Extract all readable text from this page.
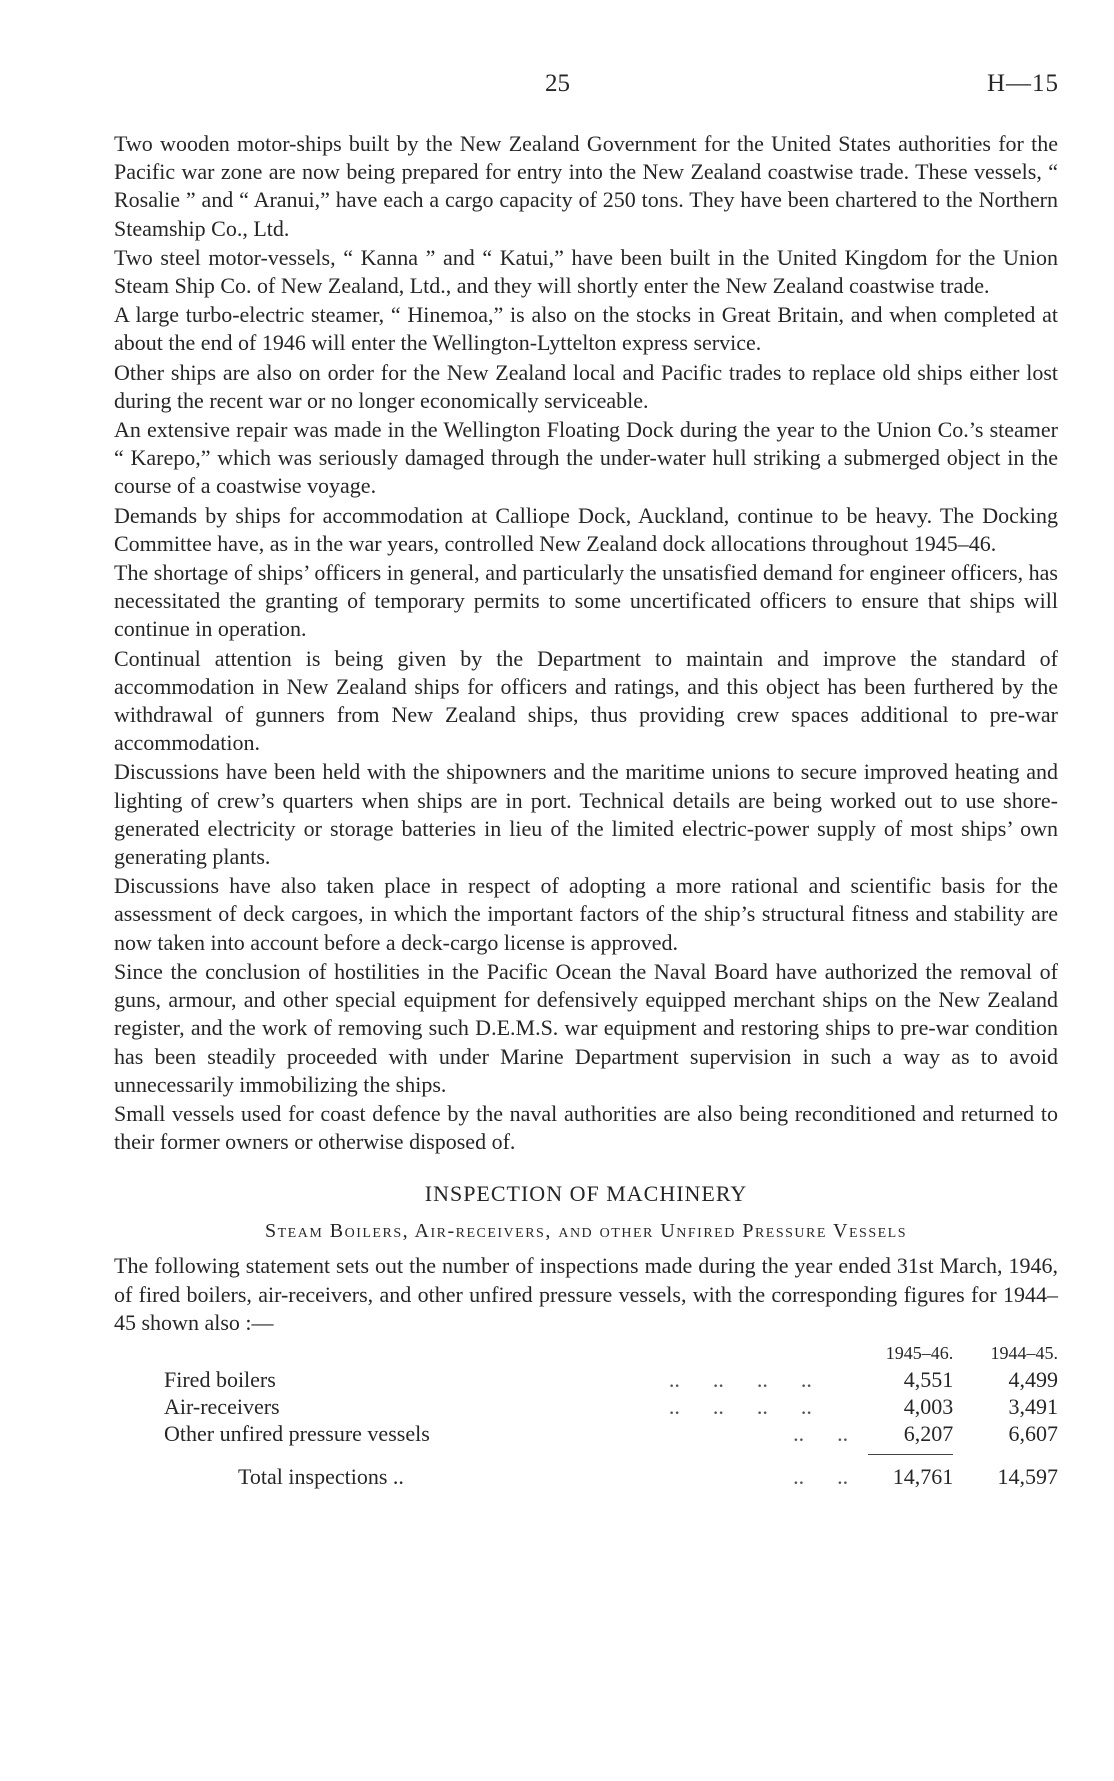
25	H—15

Two wooden motor-ships built by the New Zealand Government for the United States authorities for the Pacific war zone are now being prepared for entry into the New Zealand coastwise trade. These vessels, “ Rosalie ” and “ Aranui,” have each a cargo capacity of 250 tons. They have been chartered to the Northern Steamship Co., Ltd.

Two steel motor-vessels, “ Kanna ” and “ Katui,” have been built in the United Kingdom for the Union Steam Ship Co. of New Zealand, Ltd., and they will shortly enter the New Zealand coastwise trade.

A large turbo-electric steamer, “ Hinemoa,” is also on the stocks in Great Britain, and when completed at about the end of 1946 will enter the Wellington-Lyttelton express service.

Other ships are also on order for the New Zealand local and Pacific trades to replace old ships either lost during the recent war or no longer economically serviceable.

An extensive repair was made in the Wellington Floating Dock during the year to the Union Co.’s steamer “ Karepo,” which was seriously damaged through the under-water hull striking a submerged object in the course of a coastwise voyage.

Demands by ships for accommodation at Calliope Dock, Auckland, continue to be heavy. The Docking Committee have, as in the war years, controlled New Zealand dock allocations throughout 1945–46.

The shortage of ships’ officers in general, and particularly the unsatisfied demand for engineer officers, has necessitated the granting of temporary permits to some uncertificated officers to ensure that ships will continue in operation.

Continual attention is being given by the Department to maintain and improve the standard of accommodation in New Zealand ships for officers and ratings, and this object has been furthered by the withdrawal of gunners from New Zealand ships, thus providing crew spaces additional to pre-war accommodation.

Discussions have been held with the shipowners and the maritime unions to secure improved heating and lighting of crew’s quarters when ships are in port. Technical details are being worked out to use shore-generated electricity or storage batteries in lieu of the limited electric-power supply of most ships’ own generating plants.

Discussions have also taken place in respect of adopting a more rational and scientific basis for the assessment of deck cargoes, in which the important factors of the ship’s structural fitness and stability are now taken into account before a deck-cargo license is approved.

Since the conclusion of hostilities in the Pacific Ocean the Naval Board have authorized the removal of guns, armour, and other special equipment for defensively equipped merchant ships on the New Zealand register, and the work of removing such D.E.M.S. war equipment and restoring ships to pre-war condition has been steadily proceeded with under Marine Department supervision in such a way as to avoid unnecessarily immobilizing the ships.

Small vessels used for coast defence by the naval authorities are also being reconditioned and returned to their former owners or otherwise disposed of.

INSPECTION OF MACHINERY
Steam Boilers, Air-receivers, and other Unfired Pressure Vessels

The following statement sets out the number of inspections made during the year ended 31st March, 1946, of fired boilers, air-receivers, and other unfired pressure vessels, with the corresponding figures for 1944–45 shown also :—

		1945–46.	1944–45.
Fired boilers	..      ..      ..      ..	4,551	4,499
Air-receivers	..      ..      ..      ..	4,003	3,491
Other unfired pressure vessels	..      ..	6,207	6,607

Total inspections ..	..      ..	14,761	14,597
